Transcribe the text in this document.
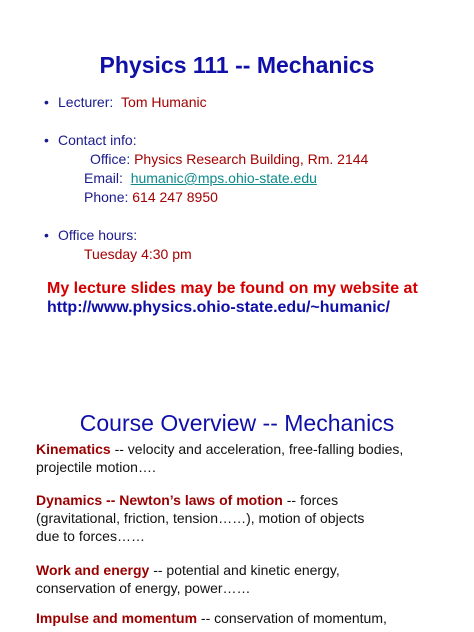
Physics 111 -- Mechanics
• Lecturer: Tom Humanic
• Contact info:
Office: Physics Research Building, Rm. 2144
Email: humanic@mps.ohio-state.edu
Phone: 614 247 8950
• Office hours:
Tuesday 4:30 pm
My lecture slides may be found on my website at
http://www.physics.ohio-state.edu/~humanic/
Course Overview -- Mechanics
Kinematics -- velocity and acceleration, free-falling bodies,
projectile motion….
Dynamics -- Newton’s laws of motion -- forces
(gravitational, friction, tension……), motion of objects
due to forces……
Work and energy -- potential and kinetic energy,
conservation of energy, power……
Impulse and momentum -- conservation of momentum,
